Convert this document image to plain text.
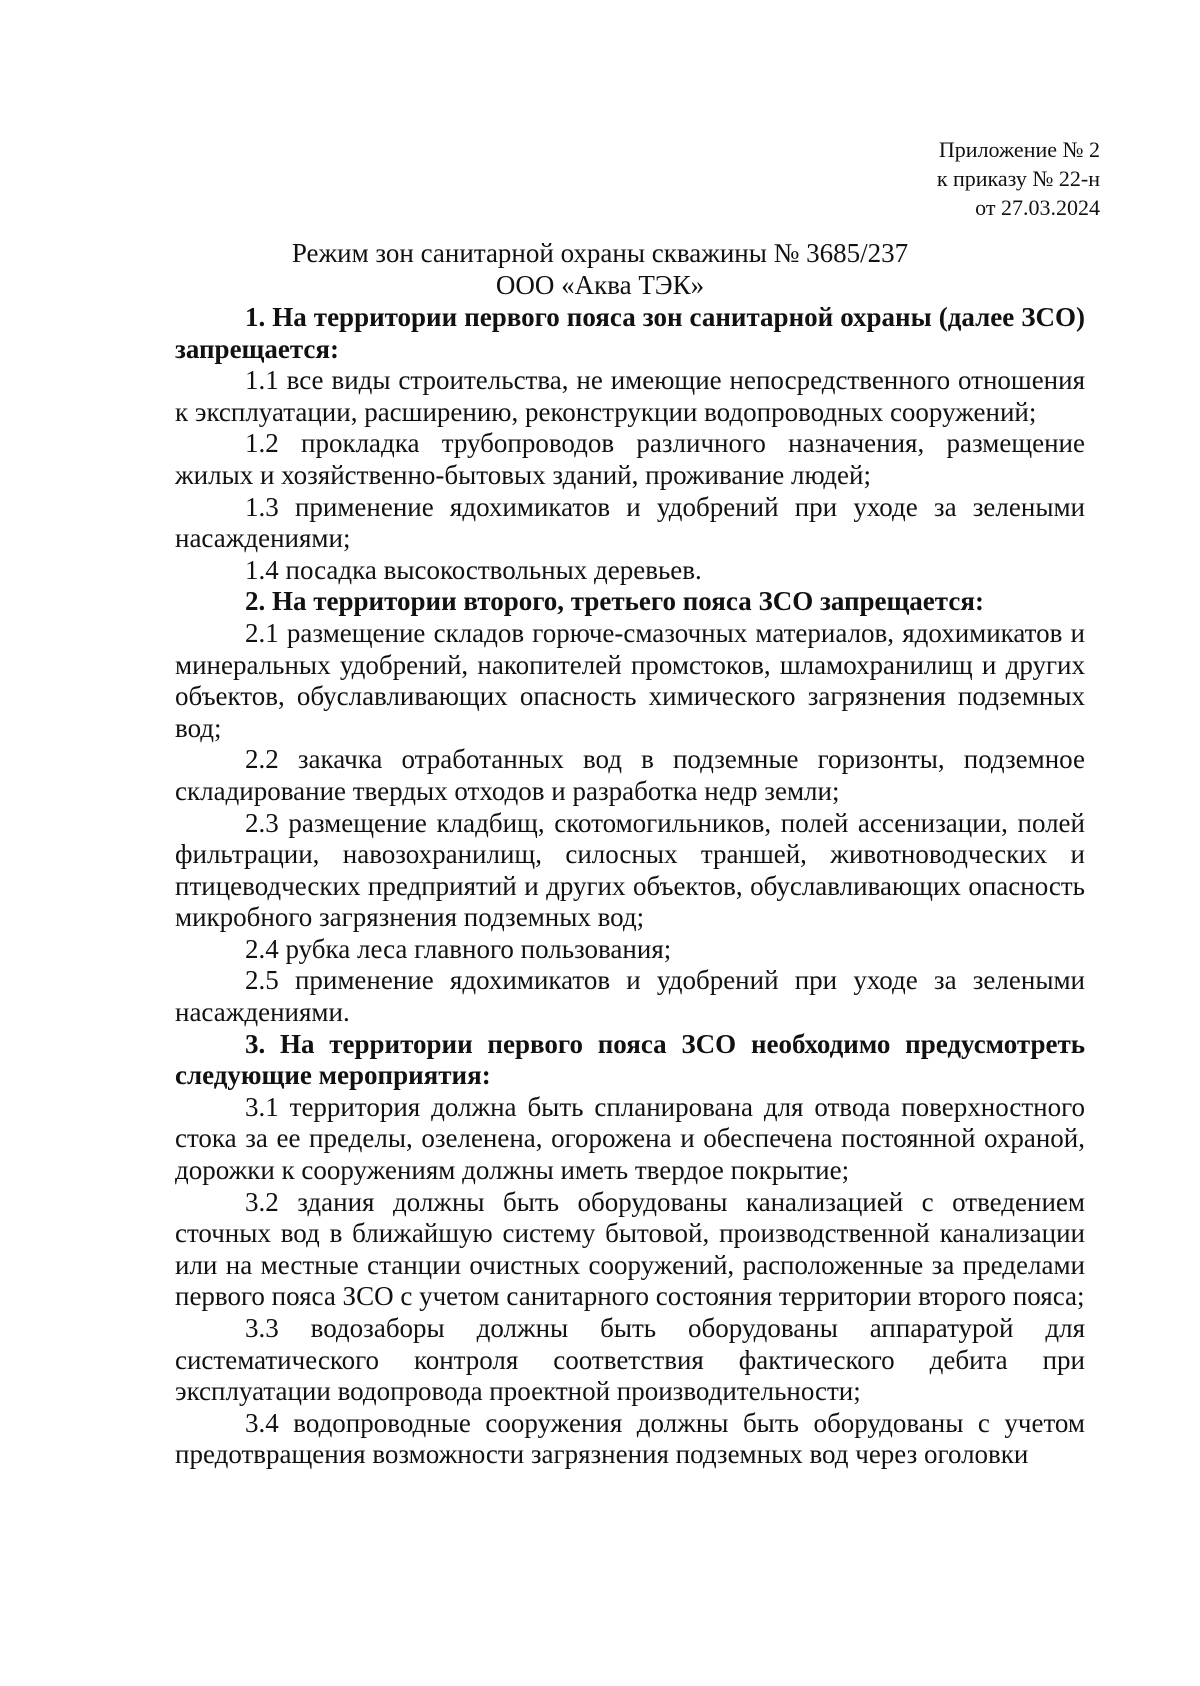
Приложение № 2
к приказу № 22-н
от 27.03.2024
Режим зон санитарной охраны скважины № 3685/237
ООО «Аква ТЭК»

1. На территории первого пояса зон санитарной охраны (далее ЗСО) запрещается:

1.1 все виды строительства, не имеющие непосредственного отношения к эксплуатации, расширению, реконструкции водопроводных сооружений;

1.2 прокладка трубопроводов различного назначения, размещение жилых и хозяйственно-бытовых зданий, проживание людей;

1.3 применение ядохимикатов и удобрений при уходе за зелеными насаждениями;

1.4 посадка высокоствольных деревьев.

2. На территории второго, третьего пояса ЗСО запрещается:

2.1 размещение складов горюче-смазочных материалов, ядохимикатов и минеральных удобрений, накопителей промстоков, шламохранилищ и других объектов, обуславливающих опасность химического загрязнения подземных вод;

2.2 закачка отработанных вод в подземные горизонты, подземное складирование твердых отходов и разработка недр земли;

2.3 размещение кладбищ, скотомогильников, полей ассенизации, полей фильтрации, навозохранилищ, силосных траншей, животноводческих и птицеводческих предприятий и других объектов, обуславливающих опасность микробного загрязнения подземных вод;

2.4 рубка леса главного пользования;

2.5 применение ядохимикатов и удобрений при уходе за зелеными насаждениями.

3. На территории первого пояса ЗСО необходимо предусмотреть следующие мероприятия:

3.1 территория должна быть спланирована для отвода поверхностного стока за ее пределы, озеленена, огорожена и обеспечена постоянной охраной, дорожки к сооружениям должны иметь твердое покрытие;

3.2 здания должны быть оборудованы канализацией с отведением сточных вод в ближайшую систему бытовой, производственной канализации или на местные станции очистных сооружений, расположенные за пределами первого пояса ЗСО с учетом санитарного состояния территории второго пояса;

3.3 водозаборы должны быть оборудованы аппаратурой для систематического контроля соответствия фактического дебита при эксплуатации водопровода проектной производительности;

3.4 водопроводные сооружения должны быть оборудованы с учетом предотвращения возможности загрязнения подземных вод через оголовки
